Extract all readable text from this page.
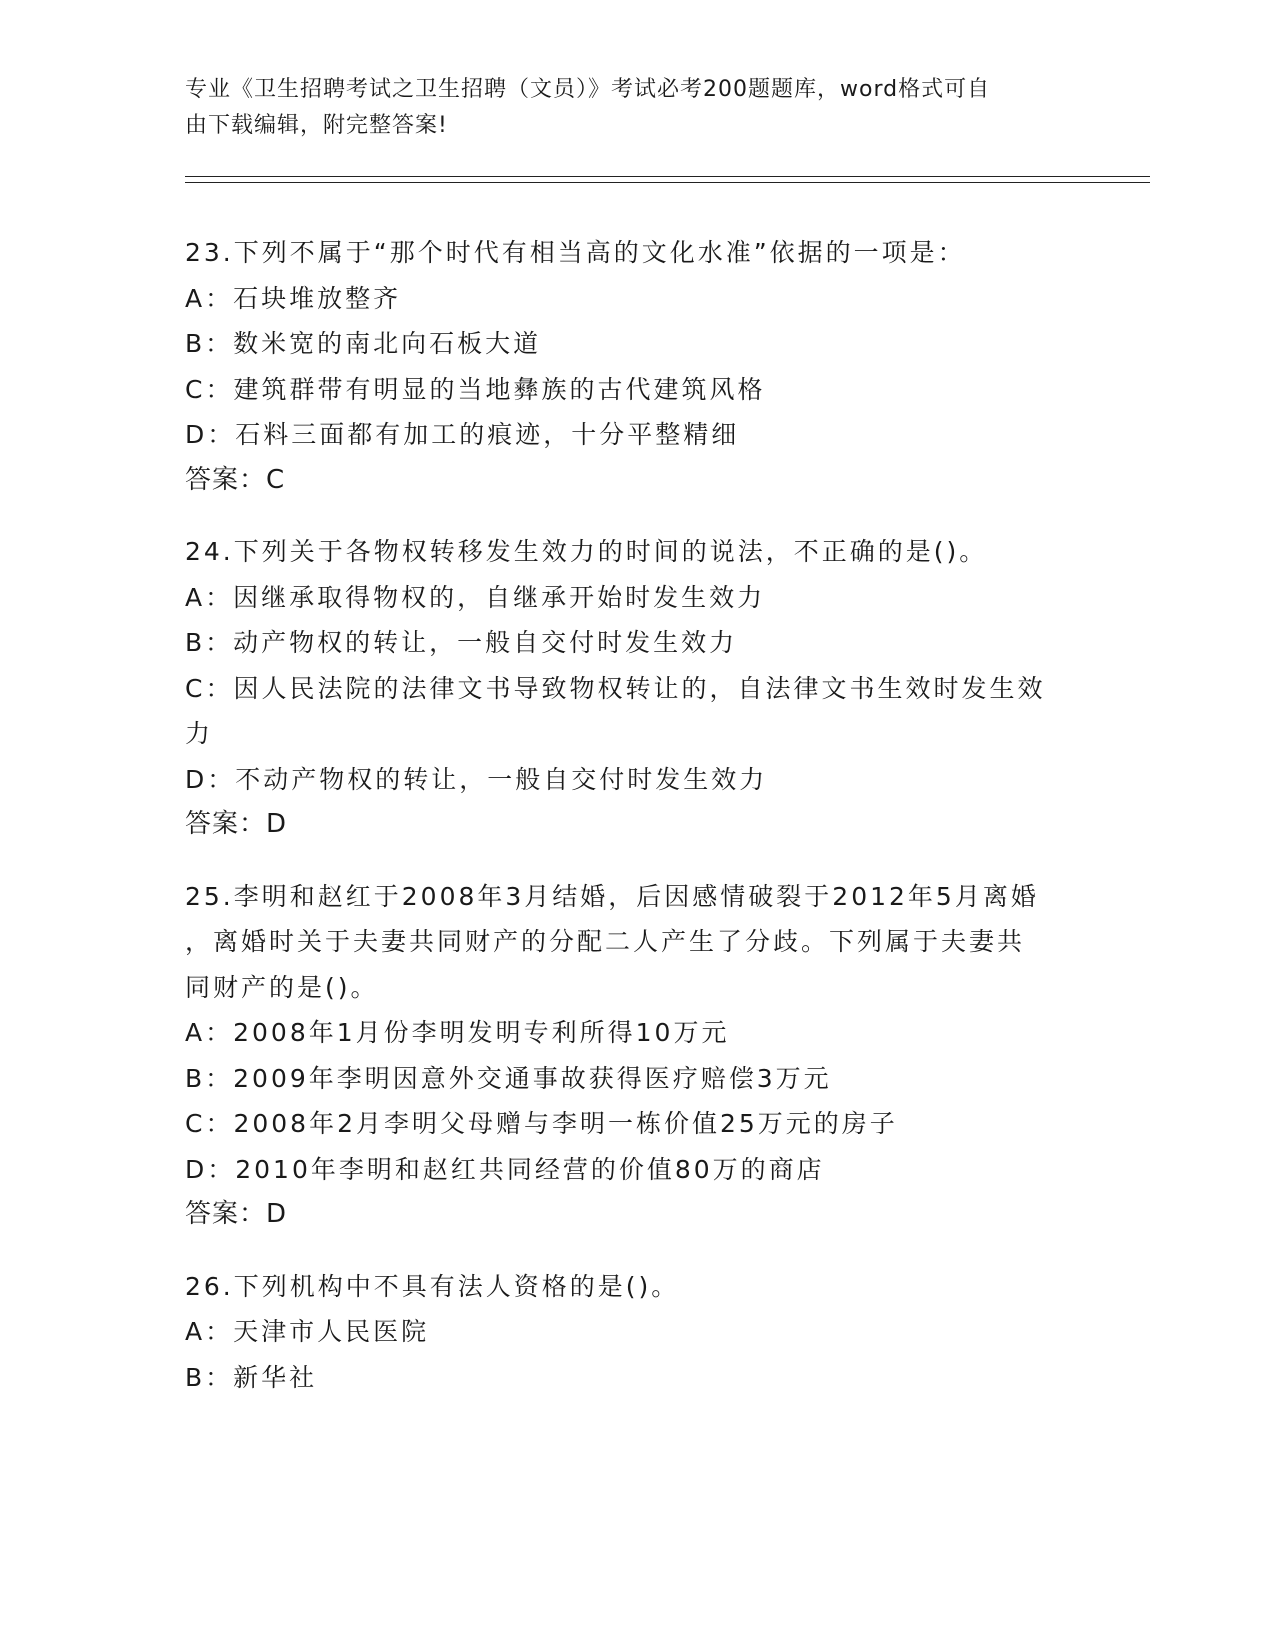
专业《卫生招聘考试之卫生招聘（文员）》考试必考200题题库，word格式可自
由下载编辑，附完整答案!
23.下列不属于“那个时代有相当高的文化水准”依据的一项是：
A：石块堆放整齐
B：数米宽的南北向石板大道
C：建筑群带有明显的当地彝族的古代建筑风格
D：石料三面都有加工的痕迹，十分平整精细
答案：C
24.下列关于各物权转移发生效力的时间的说法，不正确的是()。
A：因继承取得物权的，自继承开始时发生效力
B：动产物权的转让，一般自交付时发生效力
C：因人民法院的法律文书导致物权转让的，自法律文书生效时发生效
力
D：不动产物权的转让，一般自交付时发生效力
答案：D
25.李明和赵红于2008年3月结婚，后因感情破裂于2012年5月离婚
，离婚时关于夫妻共同财产的分配二人产生了分歧。下列属于夫妻共
同财产的是()。
A：2008年1月份李明发明专利所得10万元
B：2009年李明因意外交通事故获得医疗赔偿3万元
C：2008年2月李明父母赠与李明一栋价值25万元的房子
D：2010年李明和赵红共同经营的价值80万的商店
答案：D
26.下列机构中不具有法人资格的是()。
A：天津市人民医院
B：新华社
